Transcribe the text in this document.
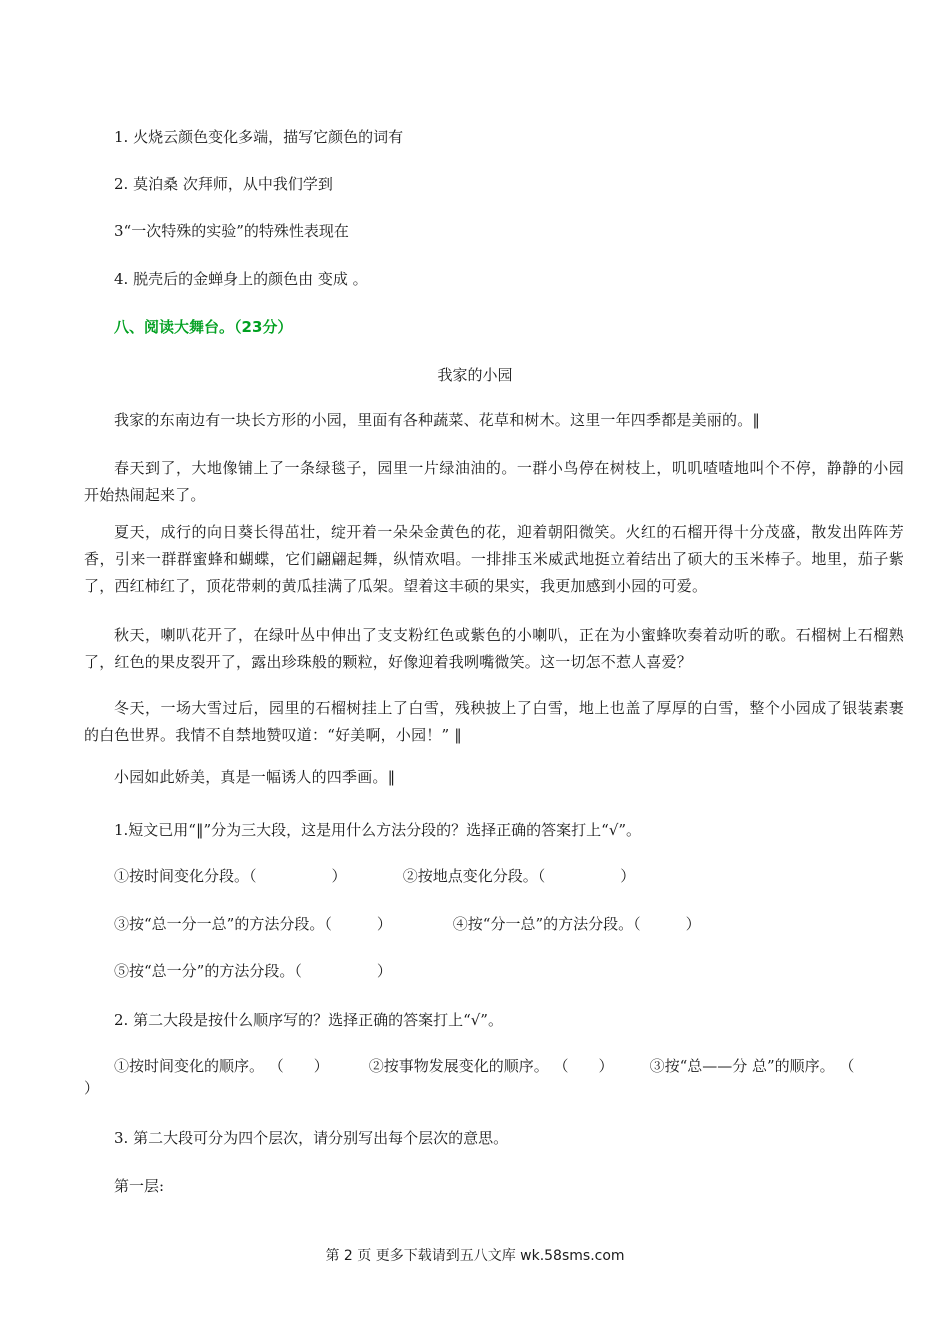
1. 火烧云颜色变化多端，描写它颜色的词有
2. 莫泊桑 次拜师，从中我们学到
3“一次特殊的实验”的特殊性表现在
4. 脱壳后的金蝉身上的颜色由 变成 。
八、阅读大舞台。（23分）
我家的小园
我家的东南边有一块长方形的小园，里面有各种蔬菜、花草和树木。这里一年四季都是美丽的。‖
春天到了，大地像铺上了一条绿毯子，园里一片绿油油的。一群小鸟停在树枝上，叽叽喳喳地叫个不停，静静的小园开始热闹起来了。
夏天，成行的向日葵长得茁壮，绽开着一朵朵金黄色的花，迎着朝阳微笑。火红的石榴开得十分茂盛，散发出阵阵芳香，引来一群群蜜蜂和蝴蝶，它们翩翩起舞，纵情欢唱。一排排玉米威武地挺立着结出了硕大的玉米棒子。地里，茄子紫了，西红柿红了，顶花带刺的黄瓜挂满了瓜架。望着这丰硕的果实，我更加感到小园的可爱。
秋天，喇叭花开了，在绿叶丛中伸出了支支粉红色或紫色的小喇叭，正在为小蜜蜂吹奏着动听的歌。石榴树上石榴熟了，红色的果皮裂开了，露出珍珠般的颗粒，好像迎着我咧嘴微笑。这一切怎不惹人喜爱？
冬天，一场大雪过后，园里的石榴树挂上了白雪，残秧披上了白雪，地上也盖了厚厚的白雪，整个小园成了银装素裹的白色世界。我情不自禁地赞叹道：“好美啊，小园！” ‖
小园如此娇美，真是一幅诱人的四季画。‖
1.短文已用“‖”分为三大段，这是用什么方法分段的？选择正确的答案打上“√”。
①按时间变化分段。（　　　　　）	②按地点变化分段。（　　　　　）
③按“总一分一总”的方法分段。（　　　）	④按“分一总”的方法分段。（　　　）
⑤按“总一分”的方法分段。（　　　　　）
2. 第二大段是按什么顺序写的？选择正确的答案打上“√”。
①按时间变化的顺序。 （　　）	②按事物发展变化的顺序。 （　　） ③按“总——分 总”的顺序。 （
）
3. 第二大段可分为四个层次，请分别写出每个层次的意思。
第一层:
第 2 页 更多下载请到五八文库 wk.58sms.com
